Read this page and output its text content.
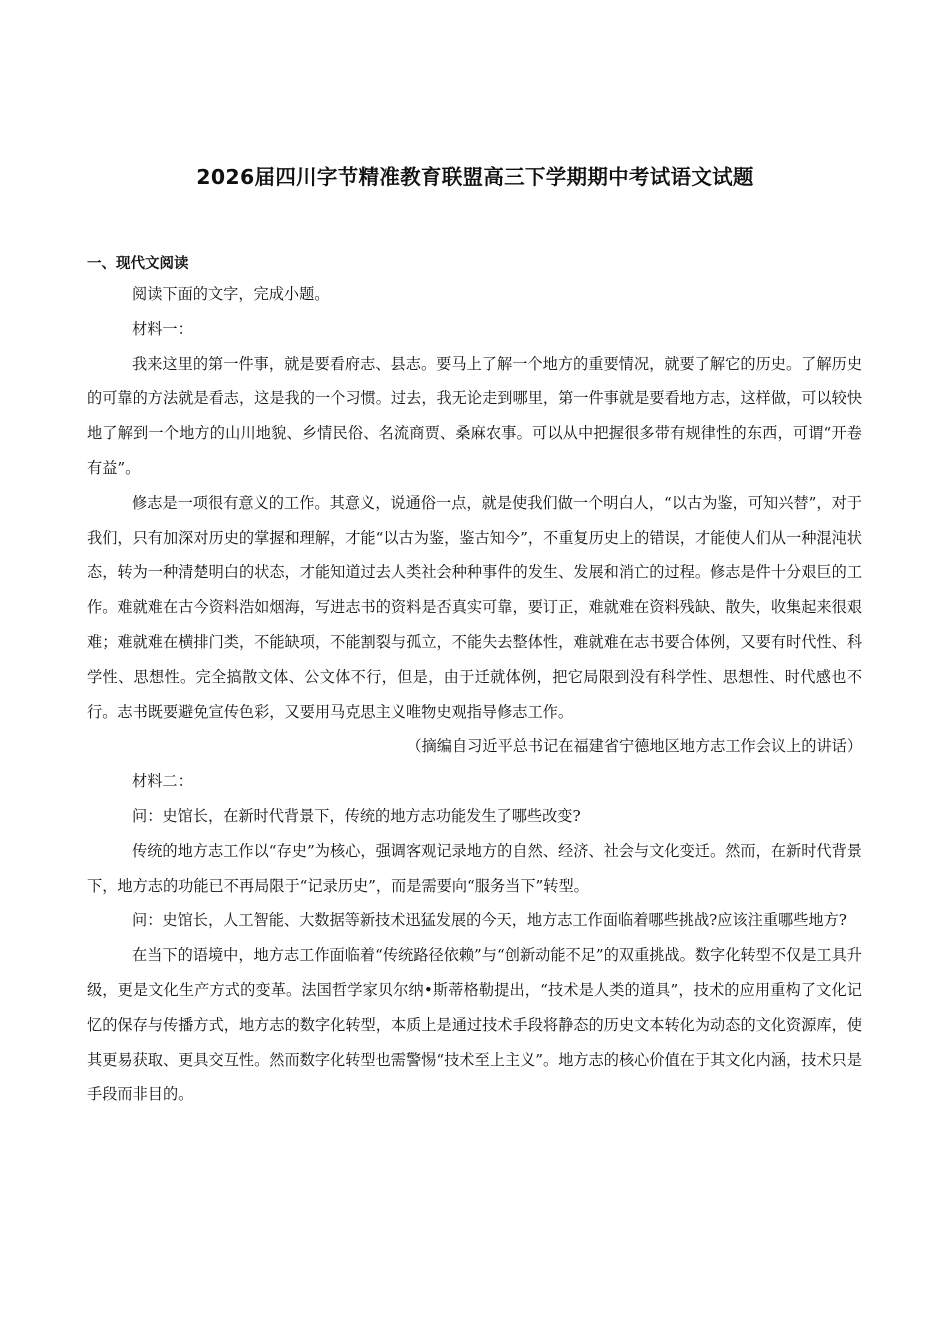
2026届四川字节精准教育联盟高三下学期期中考试语文试题
一、现代文阅读

阅读下面的文字，完成小题。

材料一：

我来这里的第一件事，就是要看府志、县志。要马上了解一个地方的重要情况，就要了解它的历史。了解历史的可靠的方法就是看志，这是我的一个习惯。过去，我无论走到哪里，第一件事就是要看地方志，这样做，可以较快地了解到一个地方的山川地貌、乡情民俗、名流商贾、桑麻农事。可以从中把握很多带有规律性的东西，可谓“开卷有益”。

修志是一项很有意义的工作。其意义，说通俗一点，就是使我们做一个明白人，“以古为鉴，可知兴替”，对于我们，只有加深对历史的掌握和理解，才能“以古为鉴，鉴古知今”，不重复历史上的错误，才能使人们从一种混沌状态，转为一种清楚明白的状态，才能知道过去人类社会种种事件的发生、发展和消亡的过程。修志是件十分艰巨的工作。难就难在古今资料浩如烟海，写进志书的资料是否真实可靠，要订正，难就难在资料残缺、散失，收集起来很艰难；难就难在横排门类，不能缺项，不能割裂与孤立，不能失去整体性，难就难在志书要合体例，又要有时代性、科学性、思想性。完全搞散文体、公文体不行，但是，由于迁就体例，把它局限到没有科学性、思想性、时代感也不行。志书既要避免宣传色彩，又要用马克思主义唯物史观指导修志工作。

（摘编自习近平总书记在福建省宁德地区地方志工作会议上的讲话）

材料二：

问：史馆长，在新时代背景下，传统的地方志功能发生了哪些改变?

传统的地方志工作以“存史”为核心，强调客观记录地方的自然、经济、社会与文化变迁。然而，在新时代背景下，地方志的功能已不再局限于“记录历史”，而是需要向“服务当下”转型。

问：史馆长，人工智能、大数据等新技术迅猛发展的今天，地方志工作面临着哪些挑战?应该注重哪些地方?

在当下的语境中，地方志工作面临着“传统路径依赖”与“创新动能不足”的双重挑战。数字化转型不仅是工具升级，更是文化生产方式的变革。法国哲学家贝尔纳•斯蒂格勒提出，“技术是人类的道具”，技术的应用重构了文化记忆的保存与传播方式，地方志的数字化转型，本质上是通过技术手段将静态的历史文本转化为动态的文化资源库，使其更易获取、更具交互性。然而数字化转型也需警惕“技术至上主义”。地方志的核心价值在于其文化内涵，技术只是手段而非目的。
